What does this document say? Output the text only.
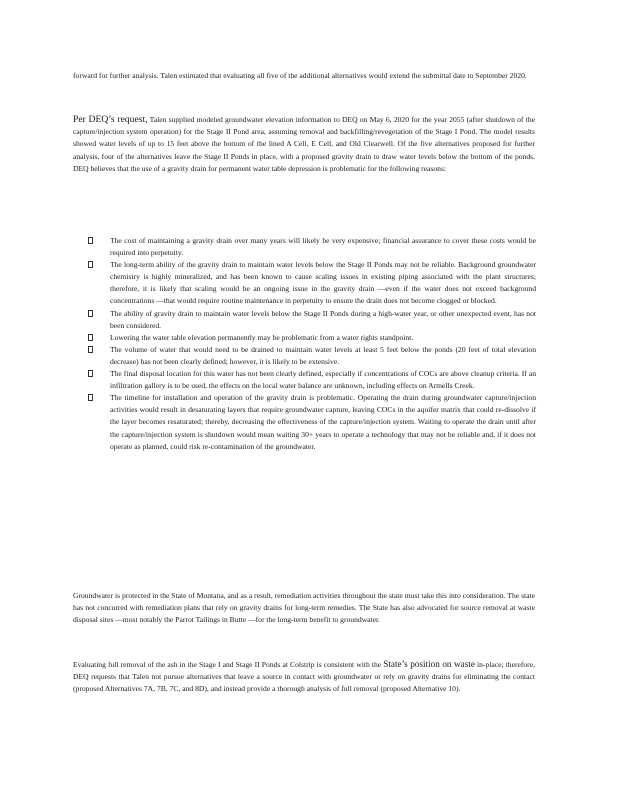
forward for further analysis. Talen estimated that evaluating all five of the additional alternatives would extend the submittal date to September 2020.

Per DEQ’s request, Talen supplied modeled groundwater elevation information to DEQ on May 6, 2020 for the year 2055 (after shutdown of the capture/injection system operation) for the Stage II Pond area, assuming removal and backfilling/revegetation of the Stage I Pond. The model results showed water levels of up to 15 feet above the bottom of the lined A Cell, E Cell, and Old Clearwell. Of the five alternatives proposed for further analysis, four of the alternatives leave the Stage II Ponds in place, with a proposed gravity drain to draw water levels below the bottom of the ponds. DEQ believes that the use of a gravity drain for permanent water table depression is problematic for the following reasons:

The cost of maintaining a gravity drain over many years will likely be very expensive; financial assurance to cover these costs would be required into perpetuity.
The long-term ability of the gravity drain to maintain water levels below the Stage II Ponds may not be reliable. Background groundwater chemistry is highly mineralized, and has been known to cause scaling issues in existing piping associated with the plant structures; therefore, it is likely that scaling would be an ongoing issue in the gravity drain —even if the water does not exceed background concentrations —that would require routine maintenance in perpetuity to ensure the drain does not become clogged or blocked.
The ability of gravity drain to maintain water levels below the Stage II Ponds during a high-water year, or other unexpected event, has not been considered.
Lowering the water table elevation permanently may be problematic from a water rights standpoint.
The volume of water that would need to be drained to maintain water levels at least 5 feet below the ponds (20 feet of total elevation decrease) has not been clearly defined; however, it is likely to be extensive.
The final disposal location for this water has not been clearly defined, especially if concentrations of COCs are above cleanup criteria. If an infiltration gallery is to be used, the effects on the local water balance are unknown, including effects on Armells Creek.
The timeline for installation and operation of the gravity drain is problematic. Operating the drain during groundwater capture/injection activities would result in desaturating layers that require groundwater capture, leaving COCs in the aquifer matrix that could re-dissolve if the layer becomes resaturated; thereby, decreasing the effectiveness of the capture/injection system. Waiting to operate the drain until after the capture/injection system is shutdown would mean waiting 30+ years to operate a technology that may not be reliable and, if it does not operate as planned, could risk re-contamination of the groundwater.

Groundwater is protected in the State of Montana, and as a result, remediation activities throughout the state must take this into consideration. The state has not concurred with remediation plans that rely on gravity drains for long-term remedies. The State has also advocated for source removal at waste disposal sites —most notably the Parrot Tailings in Butte —for the long-term benefit to groundwater.

Evaluating full removal of the ash in the Stage I and Stage II Ponds at Colstrip is consistent with the State’s position on waste in-place; therefore, DEQ requests that Talen not pursue alternatives that leave a source in contact with groundwater or rely on gravity drains for eliminating the contact (proposed Alternatives 7A, 7B, 7C, and 8D), and instead provide a thorough analysis of full removal (proposed Alternative 10).
